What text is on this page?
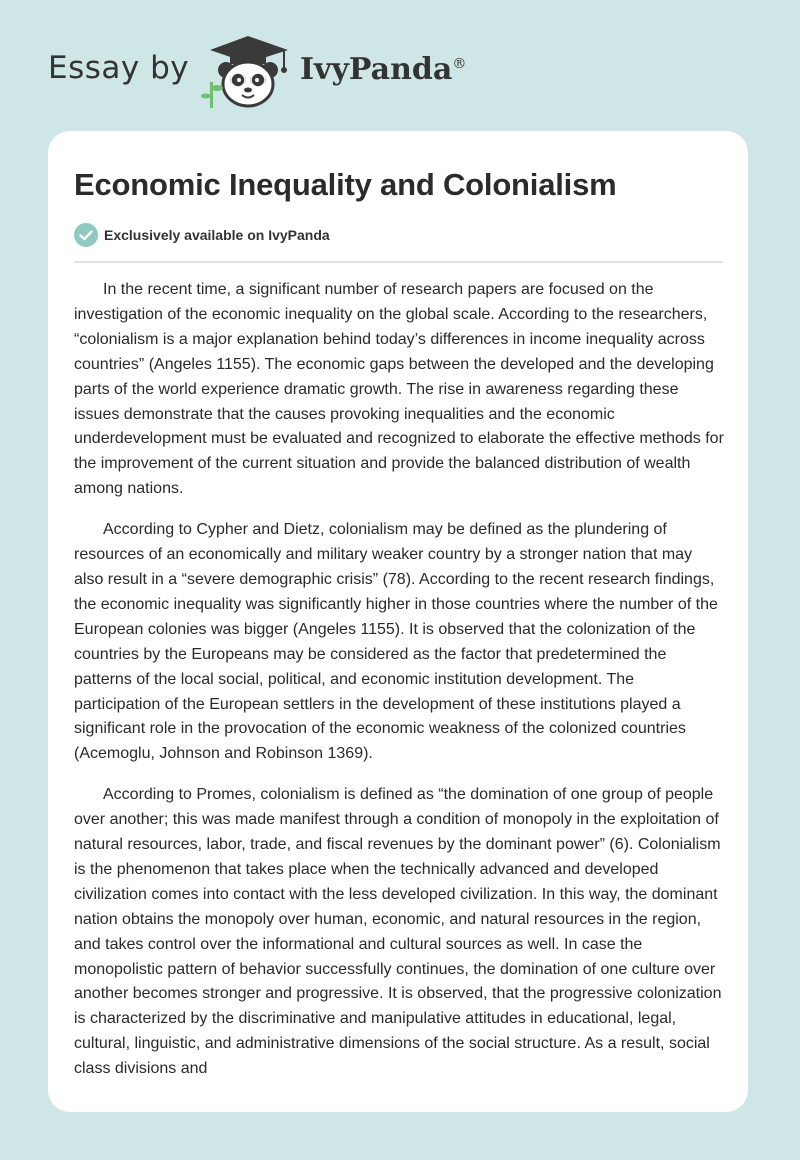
Essay by	IvyPanda®
Economic Inequality and Colonialism
Exclusively available on IvyPanda

In the recent time, a significant number of research papers are focused on the investigation of the economic inequality on the global scale. According to the researchers, “colonialism is a major explanation behind today’s differences in income inequality across countries” (Angeles 1155). The economic gaps between the developed and the developing parts of the world experience dramatic growth. The rise in awareness regarding these issues demonstrate that the causes provoking inequalities and the economic underdevelopment must be evaluated and recognized to elaborate the effective methods for the improvement of the current situation and provide the balanced distribution of wealth among nations.

According to Cypher and Dietz, colonialism may be defined as the plundering of resources of an economically and military weaker country by a stronger nation that may also result in a “severe demographic crisis” (78). According to the recent research findings, the economic inequality was significantly higher in those countries where the number of the European colonies was bigger (Angeles 1155). It is observed that the colonization of the countries by the Europeans may be considered as the factor that predetermined the patterns of the local social, political, and economic institution development. The participation of the European settlers in the development of these institutions played a significant role in the provocation of the economic weakness of the colonized countries (Acemoglu, Johnson and Robinson 1369).

According to Promes, colonialism is defined as “the domination of one group of people over another; this was made manifest through a condition of monopoly in the exploitation of natural resources, labor, trade, and fiscal revenues by the dominant power” (6). Colonialism is the phenomenon that takes place when the technically advanced and developed civilization comes into contact with the less developed civilization. In this way, the dominant nation obtains the monopoly over human, economic, and natural resources in the region, and takes control over the informational and cultural sources as well. In case the monopolistic pattern of behavior successfully continues, the domination of one culture over another becomes stronger and progressive. It is observed, that the progressive colonization is characterized by the discriminative and manipulative attitudes in educational, legal, cultural, linguistic, and administrative dimensions of the social structure. As a result, social class divisions and
